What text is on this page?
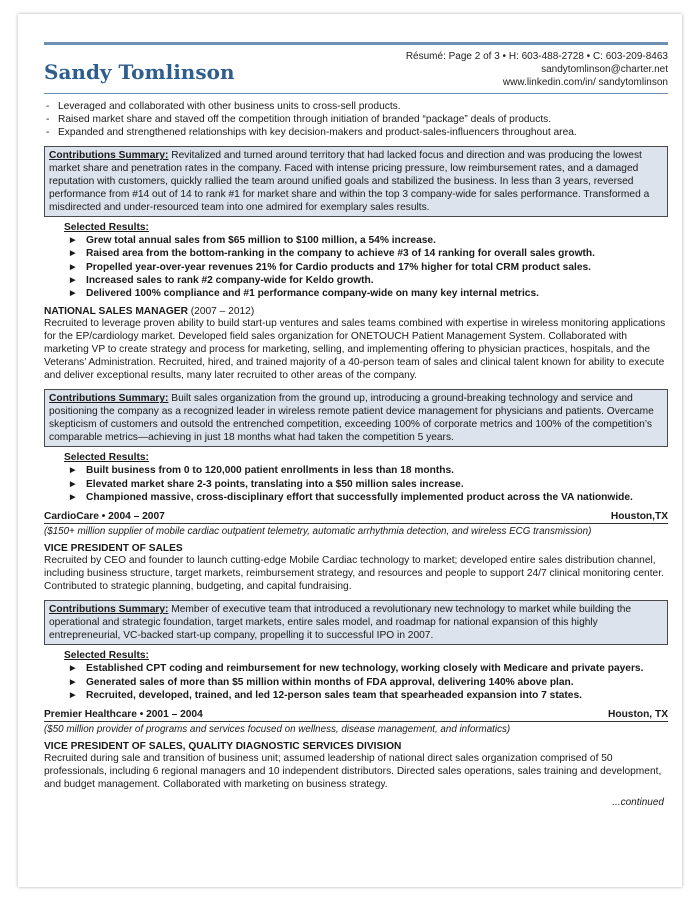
Sandy Tomlinson
Résumé: Page 2 of 3 • H: 603-488-2728 • C: 603-209-8463
sandytomlinson@charter.net
www.linkedin.com/in/ sandytomlinson
- Leveraged and collaborated with other business units to cross-sell products.
- Raised market share and staved off the competition through initiation of branded “package” deals of products.
- Expanded and strengthened relationships with key decision-makers and product-sales-influencers throughout area.
Contributions Summary: Revitalized and turned around territory that had lacked focus and direction and was producing the lowest market share and penetration rates in the company. Faced with intense pricing pressure, low reimbursement rates, and a damaged reputation with customers, quickly rallied the team around unified goals and stabilized the business. In less than 3 years, reversed performance from #14 out of 14 to rank #1 for market share and within the top 3 company-wide for sales performance. Transformed a misdirected and under-resourced team into one admired for exemplary sales results.
Selected Results:
▶ Grew total annual sales from $65 million to $100 million, a 54% increase.
▶ Raised area from the bottom-ranking in the company to achieve #3 of 14 ranking for overall sales growth.
▶ Propelled year-over-year revenues 21% for Cardio products and 17% higher for total CRM product sales.
▶ Increased sales to rank #2 company-wide for Keldo growth.
▶ Delivered 100% compliance and #1 performance company-wide on many key internal metrics.
NATIONAL SALES MANAGER (2007 – 2012)
Recruited to leverage proven ability to build start-up ventures and sales teams combined with expertise in wireless monitoring applications for the EP/cardiology market. Developed field sales organization for ONETOUCH Patient Management System. Collaborated with marketing VP to create strategy and process for marketing, selling, and implementing offering to physician practices, hospitals, and the Veterans’ Administration. Recruited, hired, and trained majority of a 40-person team of sales and clinical talent known for ability to execute and deliver exceptional results, many later recruited to other areas of the company.
Contributions Summary: Built sales organization from the ground up, introducing a ground-breaking technology and service and positioning the company as a recognized leader in wireless remote patient device management for physicians and patients. Overcame skepticism of customers and outsold the entrenched competition, exceeding 100% of corporate metrics and 100% of the competition’s comparable metrics—achieving in just 18 months what had taken the competition 5 years.
Selected Results:
▶ Built business from 0 to 120,000 patient enrollments in less than 18 months.
▶ Elevated market share 2-3 points, translating into a $50 million sales increase.
▶ Championed massive, cross-disciplinary effort that successfully implemented product across the VA nationwide.
CardioCare • 2004 – 2007	Houston,TX
($150+ million supplier of mobile cardiac outpatient telemetry, automatic arrhythmia detection, and wireless ECG transmission)
VICE PRESIDENT OF SALES
Recruited by CEO and founder to launch cutting-edge Mobile Cardiac technology to market; developed entire sales distribution channel, including business structure, target markets, reimbursement strategy, and resources and people to support 24/7 clinical monitoring center. Contributed to strategic planning, budgeting, and capital fundraising.
Contributions Summary: Member of executive team that introduced a revolutionary new technology to market while building the operational and strategic foundation, target markets, entire sales model, and roadmap for national expansion of this highly entrepreneurial, VC-backed start-up company, propelling it to successful IPO in 2007.
Selected Results:
▶ Established CPT coding and reimbursement for new technology, working closely with Medicare and private payers.
▶ Generated sales of more than $5 million within months of FDA approval, delivering 140% above plan.
▶ Recruited, developed, trained, and led 12-person sales team that spearheaded expansion into 7 states.
Premier Healthcare • 2001 – 2004	Houston, TX
($50 million provider of programs and services focused on wellness, disease management, and informatics)
VICE PRESIDENT OF SALES, QUALITY DIAGNOSTIC SERVICES DIVISION
Recruited during sale and transition of business unit; assumed leadership of national direct sales organization comprised of 50 professionals, including 6 regional managers and 10 independent distributors. Directed sales operations, sales training and development, and budget management. Collaborated with marketing on business strategy.
...continued
